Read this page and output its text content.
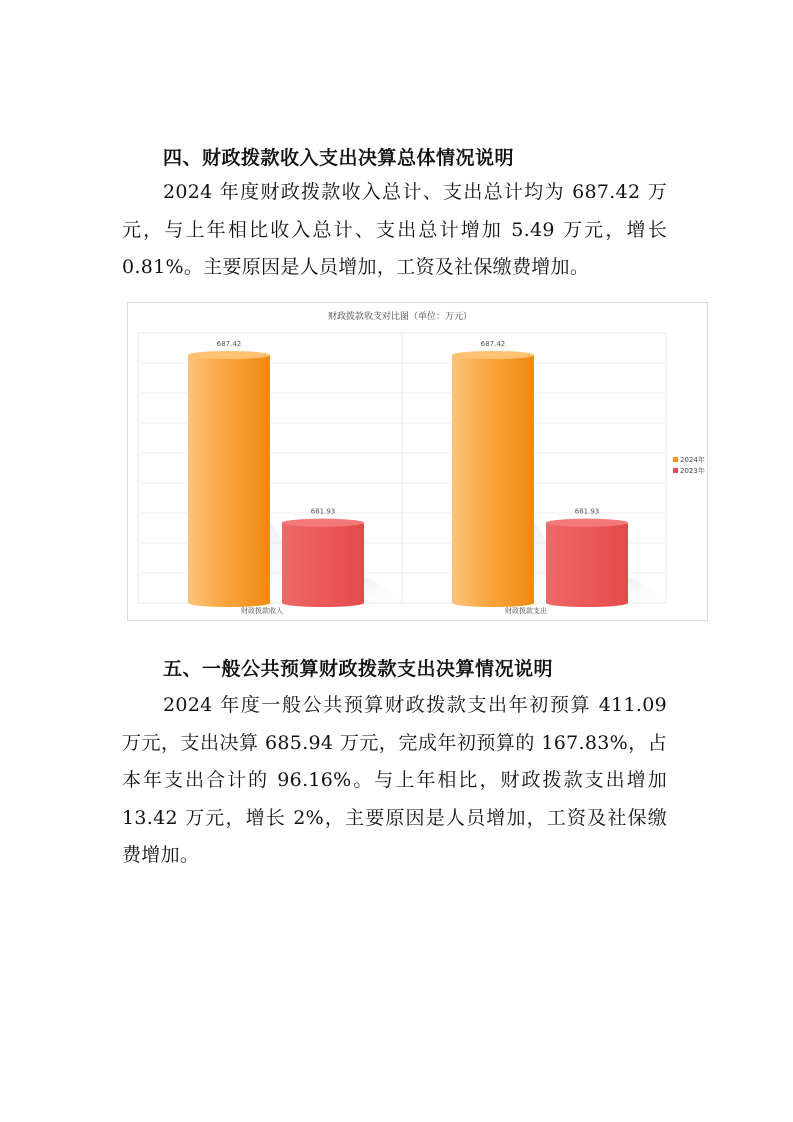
四、财政拨款收入支出决算总体情况说明
2024 年度财政拨款收入总计、支出总计均为 687.42 万
元，与上年相比收入总计、支出总计增加 5.49 万元，增长
0.81%。主要原因是人员增加，工资及社保缴费增加。
财政拨款收支对比图（单位：万元）
687.42
681.93
687.42
681.93
财政拨款收入	财政拨款支出
2024年
2023年
五、一般公共预算财政拨款支出决算情况说明
2024 年度一般公共预算财政拨款支出年初预算 411.09
万元，支出决算 685.94 万元，完成年初预算的 167.83%，占
本年支出合计的 96.16%。与上年相比，财政拨款支出增加
13.42 万元，增长 2%，主要原因是人员增加，工资及社保缴
费增加。
